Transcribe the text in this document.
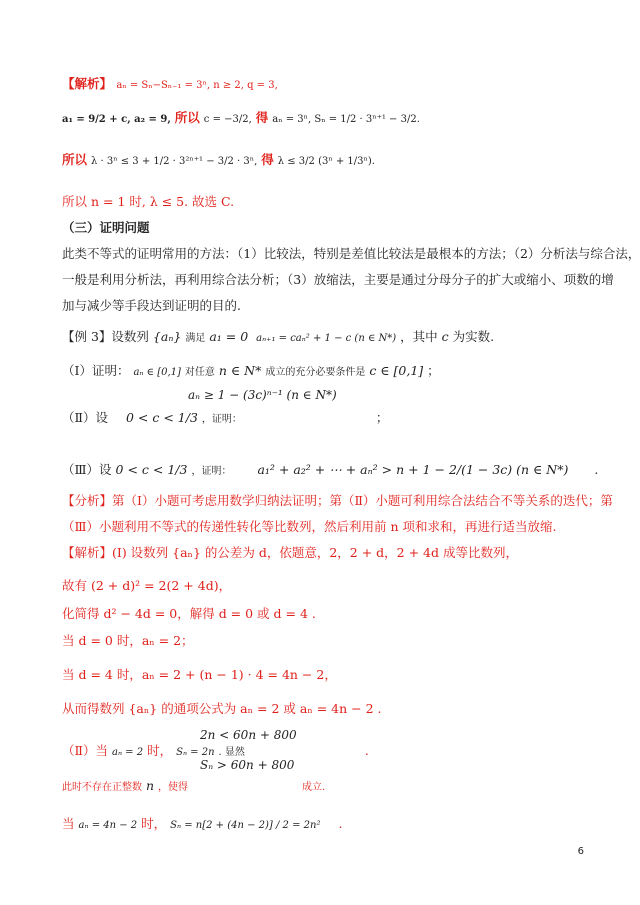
【解析】 aₙ = Sₙ−Sₙ₋₁ = 3ⁿ, n ≥ 2, q = 3,
a₁ = 9/2 + c, a₂ = 9, 所以 c = −3/2, 得 aₙ = 3ⁿ, Sₙ = 1/2 · 3ⁿ⁺¹ − 3/2.
所以 λ · 3ⁿ ≤ 3 + 1/2 · 3²ⁿ⁺¹ − 3/2 · 3ⁿ, 得 λ ≤ 3/2 (3ⁿ + 1/3ⁿ).
所以 n = 1 时, λ ≤ 5. 故选 C.
（三）证明问题
此类不等式的证明常用的方法：（1）比较法，特别是差值比较法是最根本的方法；（2）分析法与综合法，
一般是利用分析法，再利用综合法分析；（3）放缩法，主要是通过分母分子的扩大或缩小、项数的增
加与减少等手段达到证明的目的.
【例 3】设数列 {aₙ} 满足 a₁ = 0 aₙ₊₁ = caₙ² + 1 − c (n ∈ N*) ，其中 c 为实数.
（Ⅰ）证明： aₙ ∈ [0,1] 对任意 n ∈ N* 成立的充分必要条件是 c ∈ [0,1] ；
aₙ ≥ 1 − (3c)ⁿ⁻¹ (n ∈ N*)
（Ⅱ）设 0 < c < 1/3 ，证明：	；
（Ⅲ）设 0 < c < 1/3 ，证明： a₁² + a₂² + ⋯ + aₙ² > n + 1 − 2/(1 − 3c) (n ∈ N*) .
【分析】第（Ⅰ）小题可考虑用数学归纳法证明；第（Ⅱ）小题可利用综合法结合不等关系的迭代；第
（Ⅲ）小题利用不等式的传递性转化等比数列，然后利用前 n 项和求和，再进行适当放缩.
【解析】(Ⅰ) 设数列 {aₙ} 的公差为 d，依题意，2，2 + d，2 + 4d 成等比数列，
故有 (2 + d)² = 2(2 + 4d)，
化简得 d² − 4d = 0，解得 d = 0 或 d = 4 .
当 d = 0 时，aₙ = 2；
当 d = 4 时，aₙ = 2 + (n − 1) · 4 = 4n − 2，
从而得数列 {aₙ} 的通项公式为 aₙ = 2 或 aₙ = 4n − 2 .
2n < 60n + 800
（Ⅱ）当 aₙ = 2 时， Sₙ = 2n . 显然	.
Sₙ > 60n + 800
此时不存在正整数 n ，使得	成立.
当 aₙ = 4n − 2 时， Sₙ = n[2 + (4n − 2)] / 2 = 2n² .
6
